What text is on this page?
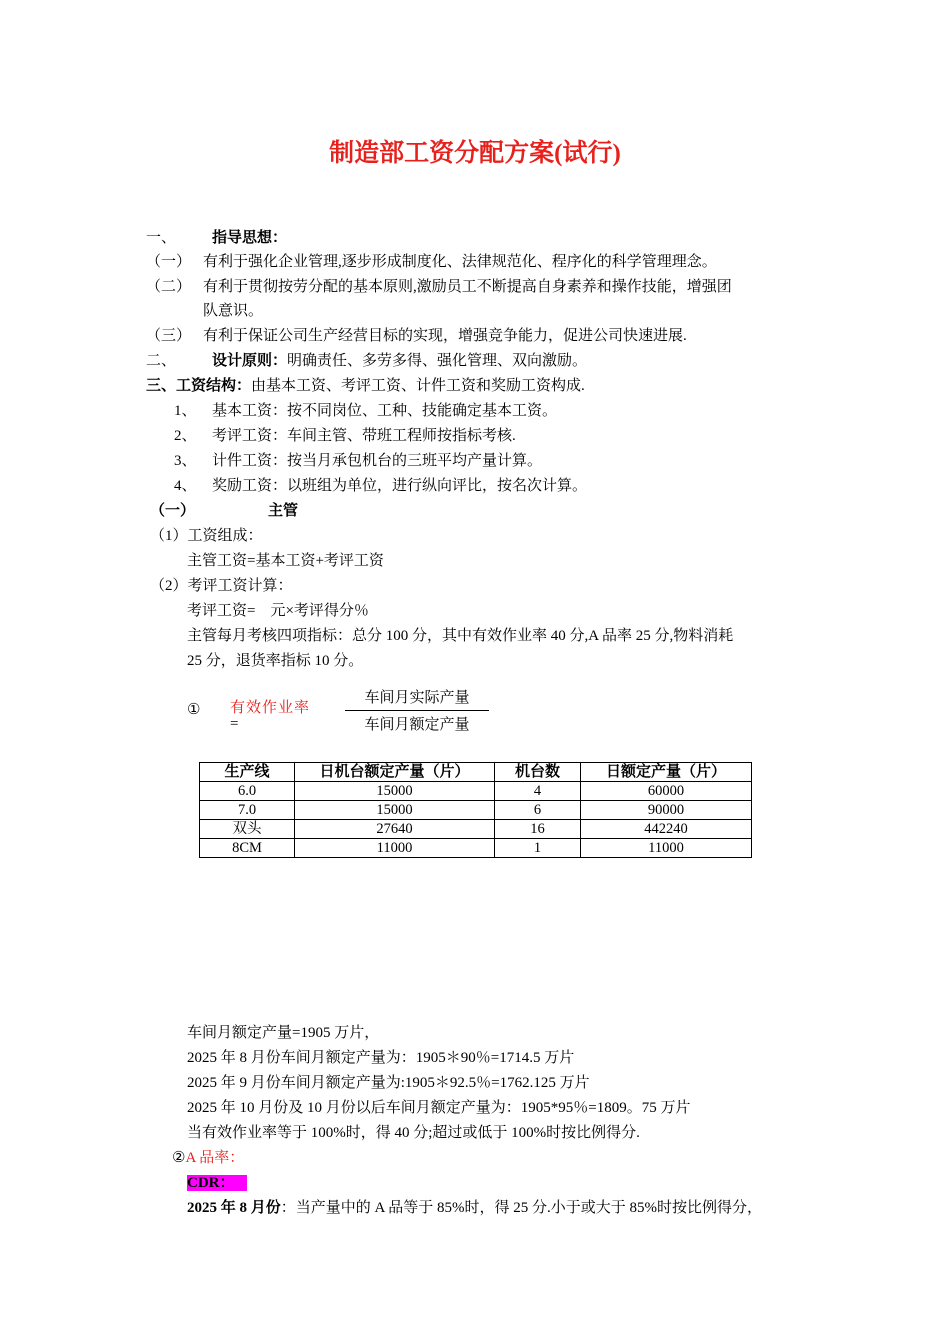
制造部工资分配方案(试行)
一、 指导思想：
（一） 有利于强化企业管理,逐步形成制度化、法律规范化、程序化的科学管理理念。
（二） 有利于贯彻按劳分配的基本原则,激励员工不断提高自身素养和操作技能，增强团
队意识。
（三） 有利于保证公司生产经营目标的实现，增强竞争能力，促进公司快速进展.
二、 设计原则：明确责任、多劳多得、强化管理、双向激励。
三、工资结构：由基本工资、考评工资、计件工资和奖励工资构成.
1、 基本工资：按不同岗位、工种、技能确定基本工资。
2、 考评工资：车间主管、带班工程师按指标考核.
3、 计件工资：按当月承包机台的三班平均产量计算。
4、 奖励工资：以班组为单位，进行纵向评比，按名次计算。
（一）	主管
（1）工资组成：
主管工资=基本工资+考评工资
（2）考评工资计算：
考评工资=　元×考评得分％
主管每月考核四项指标：总分 100 分，其中有效作业率 40 分,A 品率 25 分,物料消耗
25 分，退货率指标 10 分。
① 有效作业率
=
车间月实际产量
车间月额定产量
生产线	日机台额定产量（片）	机台数	日额定产量（片）
6.0	15000	4	60000
7.0	15000	6	90000
双头	27640	16	442240
8CM	11000	1	11000
车间月额定产量=1905 万片，
2025 年 8 月份车间月额定产量为：1905＊90％=1714.5 万片
2025 年 9 月份车间月额定产量为:1905＊92.5％=1762.125 万片
2025 年 10 月份及 10 月份以后车间月额定产量为：1905*95％=1809。75 万片
当有效作业率等于 100%时，得 40 分;超过或低于 100%时按比例得分.
②A 品率：
CDR：
2025 年 8 月份：当产量中的 A 品等于 85%时，得 25 分.小于或大于 85%时按比例得分，
